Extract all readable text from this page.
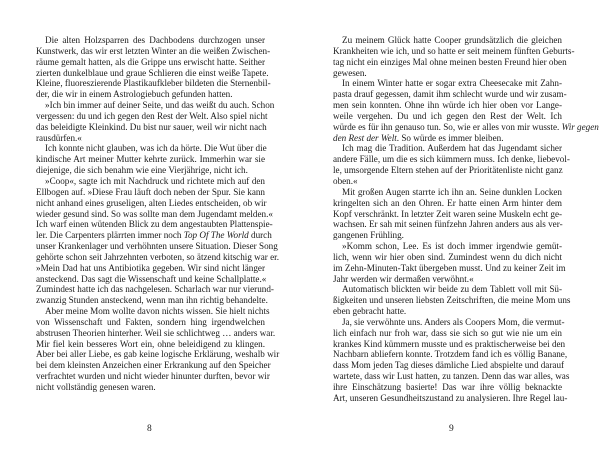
Die alten Holzsparren des Dachbodens durchzogen unser
Kunstwerk, das wir erst letzten Winter an die weißen Zwischen-
räume gemalt hatten, als die Grippe uns erwischt hatte. Seither
zierten dunkelblaue und graue Schlieren die einst weiße Tapete.
Kleine, fluoreszierende Plastikaufkleber bildeten die Sternenbil-
der, die wir in einem Astrologiebuch gefunden hatten.
»Ich bin immer auf deiner Seite, und das weißt du auch. Schon
vergessen: du und ich gegen den Rest der Welt. Also spiel nicht
das beleidigte Kleinkind. Du bist nur sauer, weil wir nicht nach
rausdürfen.«
Ich konnte nicht glauben, was ich da hörte. Die Wut über die
kindische Art meiner Mutter kehrte zurück. Immerhin war sie
diejenige, die sich benahm wie eine Vierjährige, nicht ich.
»Coop«, sagte ich mit Nachdruck und richtete mich auf den
Ellbogen auf. »Diese Frau läuft doch neben der Spur. Sie kann
nicht anhand eines gruseligen, alten Liedes entscheiden, ob wir
wieder gesund sind. So was sollte man dem Jugendamt melden.«
Ich warf einen wütenden Blick zu dem angestaubten Plattenspie-
ler. Die Carpenters plärrten immer noch Top Of The World durch
unser Krankenlager und verhöhnten unsere Situation. Dieser Song
gehörte schon seit Jahrzehnten verboten, so ätzend kitschig war er.
»Mein Dad hat uns Antibiotika gegeben. Wir sind nicht länger
ansteckend. Das sagt die Wissenschaft und keine Schallplatte.«
Zumindest hatte ich das nachgelesen. Scharlach war nur vierund-
zwanzig Stunden ansteckend, wenn man ihn richtig behandelte.
Aber meine Mom wollte davon nichts wissen. Sie hielt nichts
von Wissenschaft und Fakten, sondern hing irgendwelchen
abstrusen Theorien hinterher. Weil sie schlichtweg … anders war.
Mir fiel kein besseres Wort ein, ohne beleidigend zu klingen.
Aber bei aller Liebe, es gab keine logische Erklärung, weshalb wir
bei dem kleinsten Anzeichen einer Erkrankung auf den Speicher
verfrachtet wurden und nicht wieder hinunter durften, bevor wir
nicht vollständig genesen waren.
8
Zu meinem Glück hatte Cooper grundsätzlich die gleichen
Krankheiten wie ich, und so hatte er seit meinem fünften Geburts-
tag nicht ein einziges Mal ohne meinen besten Freund hier oben
gewesen.
In einem Winter hatte er sogar extra Cheesecake mit Zahn-
pasta drauf gegessen, damit ihm schlecht wurde und wir zusam-
men sein konnten. Ohne ihn würde ich hier oben vor Lange-
weile vergehen. Du und ich gegen den Rest der Welt. Ich
würde es für ihn genauso tun. So, wie er alles von mir wusste. Wir gegen
den Rest der Welt. So würde es immer bleiben.
Ich mag die Tradition. Außerdem hat das Jugendamt sicher
andere Fälle, um die es sich kümmern muss. Ich denke, liebevol-
le, umsorgende Eltern stehen auf der Prioritätenliste nicht ganz
oben.«
Mit großen Augen starrte ich ihn an. Seine dunklen Locken
kringelten sich an den Ohren. Er hatte einen Arm hinter dem
Kopf verschränkt. In letzter Zeit waren seine Muskeln echt ge-
wachsen. Er sah mit seinen fünfzehn Jahren anders aus als ver-
gangenen Frühling.
»Komm schon, Lee. Es ist doch immer irgendwie gemüt-
lich, wenn wir hier oben sind. Zumindest wenn du dich nicht
im Zehn-Minuten-Takt übergeben musst. Und zu keiner Zeit im
Jahr werden wir dermaßen verwöhnt.«
Automatisch blickten wir beide zu dem Tablett voll mit Sü-
ßigkeiten und unseren liebsten Zeitschriften, die meine Mom uns
eben gebracht hatte.
Ja, sie verwöhnte uns. Anders als Coopers Mom, die vermut-
lich einfach nur froh war, dass sie sich so gut wie nie um ein
krankes Kind kümmern musste und es praktischerweise bei den
Nachbarn abliefern konnte. Trotzdem fand ich es völlig Banane,
dass Mom jeden Tag dieses dämliche Lied abspielte und darauf
wartete, dass wir Lust hatten, zu tanzen. Denn das war alles, was
ihre Einschätzung basierte! Das war ihre völlig beknackte
Art, unseren Gesundheitszustand zu analysieren. Ihre Regel lau-
9
